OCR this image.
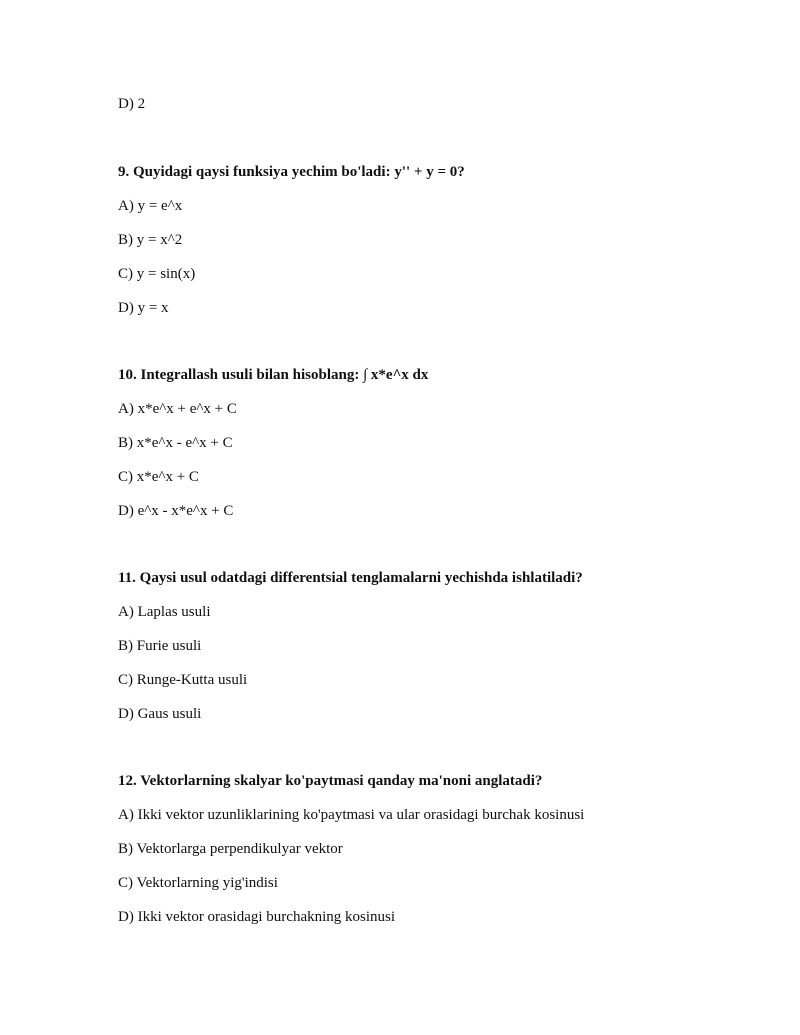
D) 2
9. Quyidagi qaysi funksiya yechim bo'ladi: y'' + y = 0?
A) y = e^x
B) y = x^2
C) y = sin(x)
D) y = x
10. Integrallash usuli bilan hisoblang: ∫ x*e^x dx
A) x*e^x + e^x + C
B) x*e^x - e^x + C
C) x*e^x + C
D) e^x - x*e^x + C
11. Qaysi usul odatdagi differentsial tenglamalarni yechishda ishlatiladi?
A) Laplas usuli
B) Furie usuli
C) Runge-Kutta usuli
D) Gaus usuli
12. Vektorlarning skalyar ko'paytmasi qanday ma'noni anglatadi?
A) Ikki vektor uzunliklarining ko'paytmasi va ular orasidagi burchak kosinusi
B) Vektorlarga perpendikulyar vektor
C) Vektorlarning yig'indisi
D) Ikki vektor orasidagi burchakning kosinusi
